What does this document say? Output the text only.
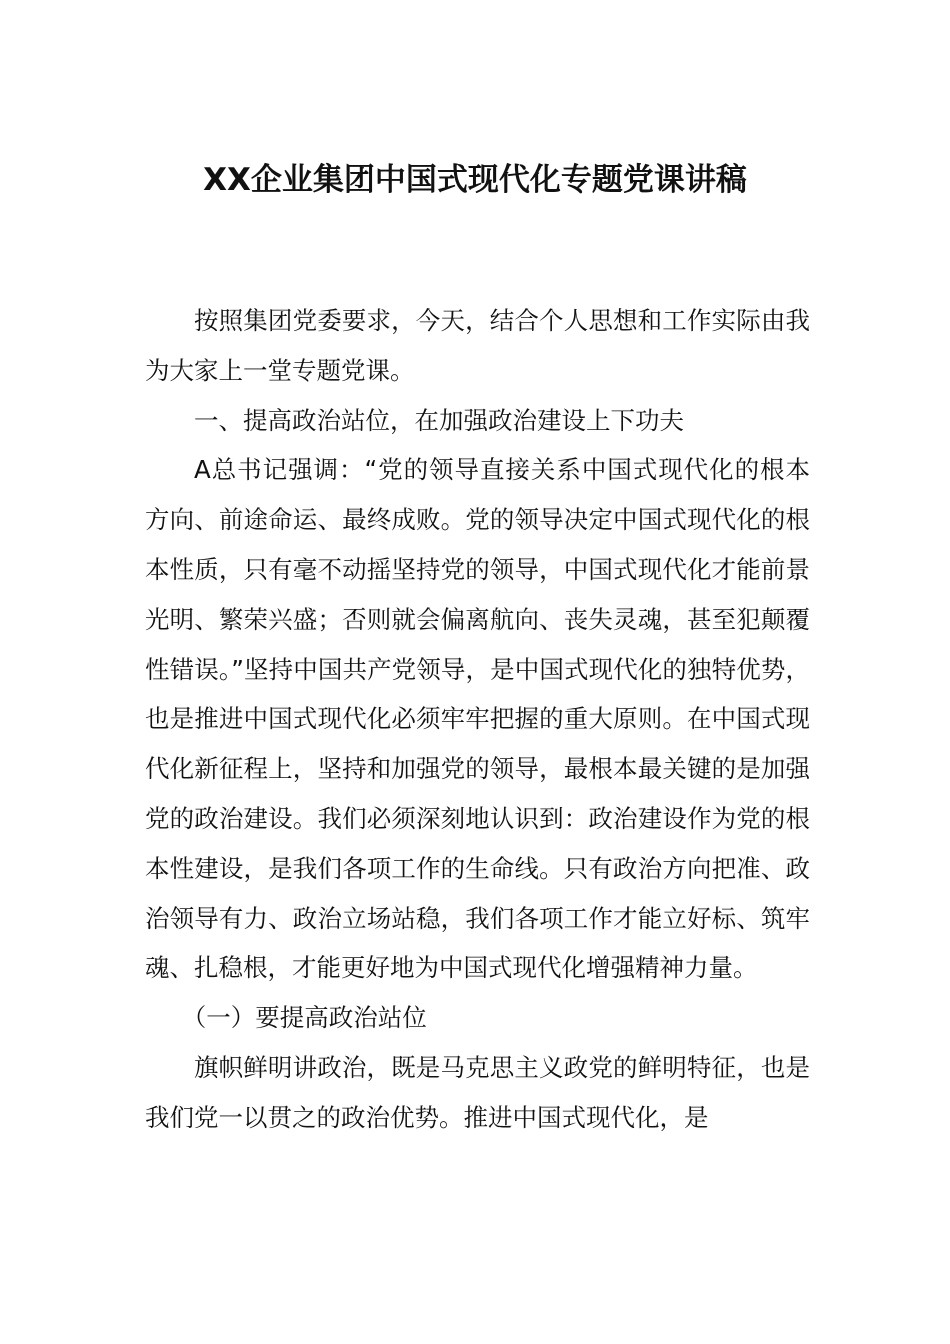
XX企业集团中国式现代化专题党课讲稿

按照集团党委要求，今天，结合个人思想和工作实际由我为大家上一堂专题党课。

一、提高政治站位，在加强政治建设上下功夫

A总书记强调：“党的领导直接关系中国式现代化的根本方向、前途命运、最终成败。党的领导决定中国式现代化的根本性质，只有毫不动摇坚持党的领导，中国式现代化才能前景光明、繁荣兴盛；否则就会偏离航向、丧失灵魂，甚至犯颠覆性错误。”坚持中国共产党领导，是中国式现代化的独特优势，也是推进中国式现代化必须牢牢把握的重大原则。在中国式现代化新征程上，坚持和加强党的领导，最根本最关键的是加强党的政治建设。我们必须深刻地认识到：政治建设作为党的根本性建设，是我们各项工作的生命线。只有政治方向把准、政治领导有力、政治立场站稳，我们各项工作才能立好标、筑牢魂、扎稳根，才能更好地为中国式现代化增强精神力量。

（一）要提高政治站位

旗帜鲜明讲政治，既是马克思主义政党的鲜明特征，也是我们党一以贯之的政治优势。推进中国式现代化，是
